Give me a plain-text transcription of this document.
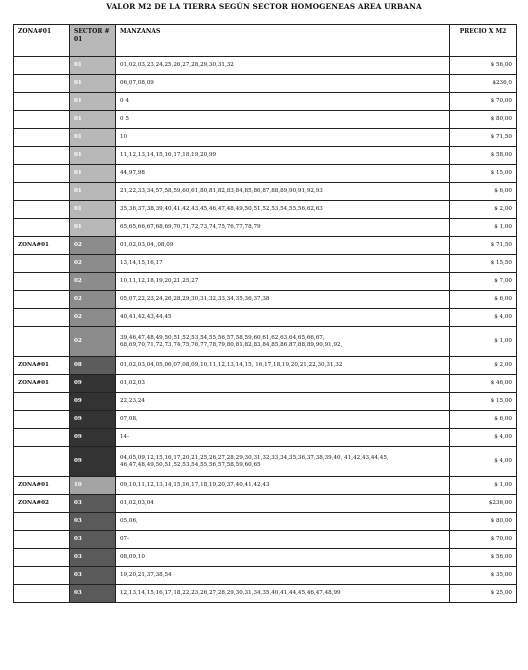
VALOR M2 DE LA TIERRA SEGÚN SECTOR HOMOGENEAS AREA URBANA
ZONA#01	SECTOR # 01	MANZANAS	PRECIO X M2
	01	01,02,03,23,24,25,26,27,28,29,30,31,32	$ 56,00
	01	06,07,08,09	$236,0
	01	0 4	$ 70,00
	01	0 5	$ 80,00
	01	10	$ 71,50
	01	11,12,13,14,15,16,17,18,19,20,99	$ 58,00
	01	44,97,98	$ 15,00
	01	21,22,33,34,57,58,59,60,61,80,81,82,83,84,85,86,87,88,89,90,91,92,93	$ 6,00
	01	35,36,37,38,39,40,41,42,43,45,46,47,48,49,50,51,52,53,54,55,56,62,63	$ 2,00
	01	65,65,66,67,68,69,70,71,72,73,74,75,76,77,78,79	$ 1,00
ZONA#01	02	01,02,03,04,,08,09	$ 71,50
	02	13,14,15,16,17	$ 15,50
	02	10,11,12,18,19,20,21,25,27	$ 7,00
	02	05,07,22,23,24,26,28,29,30,31,32,33,34,35,36,37,38	$ 6,00
	02	40,41,42,43,44,45	$ 4,00
	02	39,46,47,48,49,50,51,52,53,54,55,56,57,58,59,60,61,62,63,64,65,66,67, 68,69,70,71,72,73,74,75,76,77,78,79,80,81,82,83,84,85,86,87,88,89,90,91,92,	$ 1,00
ZONA#01	08	01,02,03,04,05,06,07,08,09,10,11,12,13,14,15, 16,17,18,19,20,21,22,30,31,32	$ 2,00
ZONA#01	09	01,02,03	$ 46,00
	09	22,23,24	$ 15,00
	09	07,08,	$ 6,00
	09	14-	$ 4,00
	09	04,05,09,12,15,16,17,20,21,25,26,27,28,29,30,31,32,33,34,35,36,37,38,39,40, 41,42,43,44,45, 46,47,48,49,50,51,52,53,54,55,56,57,58,59,60,65	$ 4,00
ZONA#01	10	09,10,11,12,13,14,15,16,17,18,19,20,37,40,41,42,43	$ 1,00
ZONA#02	03	01,02,03,04	$236,00
	03	05,06,	$ 80,00
	03	07-	$ 70,00
	03	08,09,10	$ 56,00
	03	19,20,21,37,38,54	$ 35,00
	03	12,13,14,15,16,17,18,22,23,26,27,28,29,30,31,34,35,40,41,44,45,46,47,48,99	$ 25,00
